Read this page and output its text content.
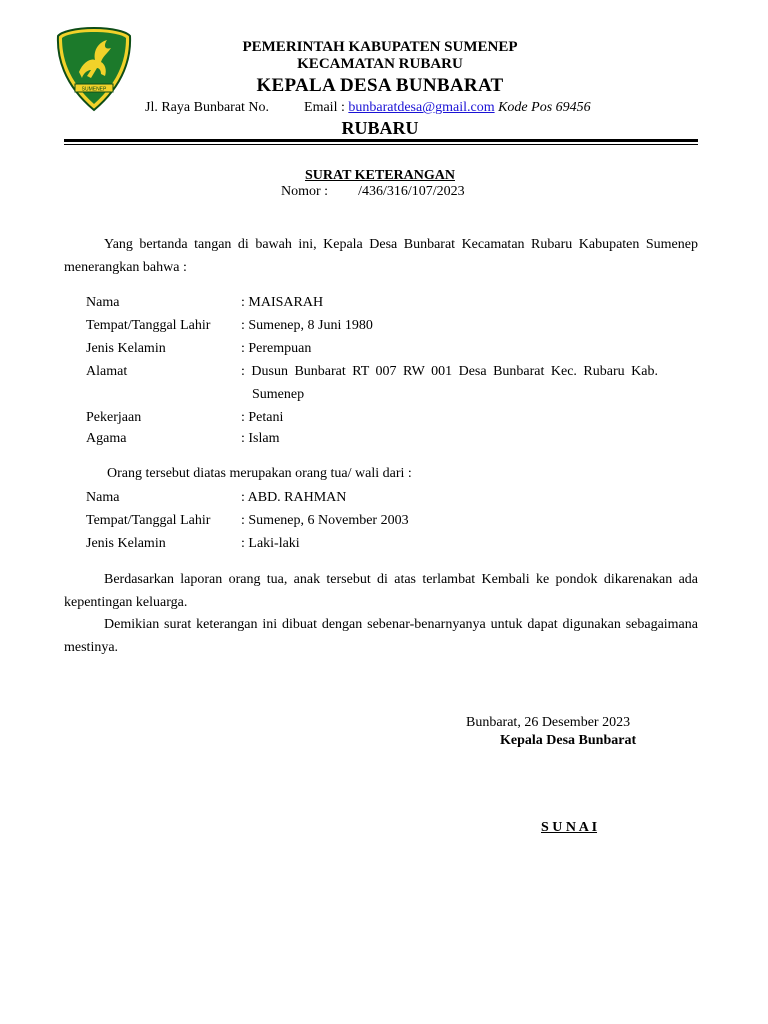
SUMENEP
PEMERINTAH KABUPATEN SUMENEP
KECAMATAN RUBARU
KEPALA DESA BUNBARAT
Jl. Raya Bunbarat No.	Email : bunbaratdesa@gmail.com Kode Pos 69456
RUBARU
SURAT KETERANGAN
Nomor : /436/316/107/2023
Yang bertanda tangan di bawah ini, Kepala Desa Bunbarat Kecamatan Rubaru Kabupaten Sumenep menerangkan bahwa :
Nama	: MAISARAH
Tempat/Tanggal Lahir : Sumenep, 8 Juni 1980
Jenis Kelamin	: Perempuan
Alamat	: Dusun Bunbarat RT 007 RW 001 Desa Bunbarat Kec. Rubaru Kab.
Sumenep
Pekerjaan	: Petani
Agama	: Islam
Orang tersebut diatas merupakan orang tua/ wali dari :
Nama	: ABD. RAHMAN
Tempat/Tanggal Lahir : Sumenep, 6 November 2003
Jenis Kelamin	: Laki-laki
Berdasarkan laporan orang tua, anak tersebut di atas terlambat Kembali ke pondok dikarenakan ada kepentingan keluarga.
Demikian surat keterangan ini dibuat dengan sebenar-benarnyanya untuk dapat digunakan sebagaimana mestinya.
Bunbarat, 26 Desember 2023
Kepala Desa Bunbarat
S U N A I
